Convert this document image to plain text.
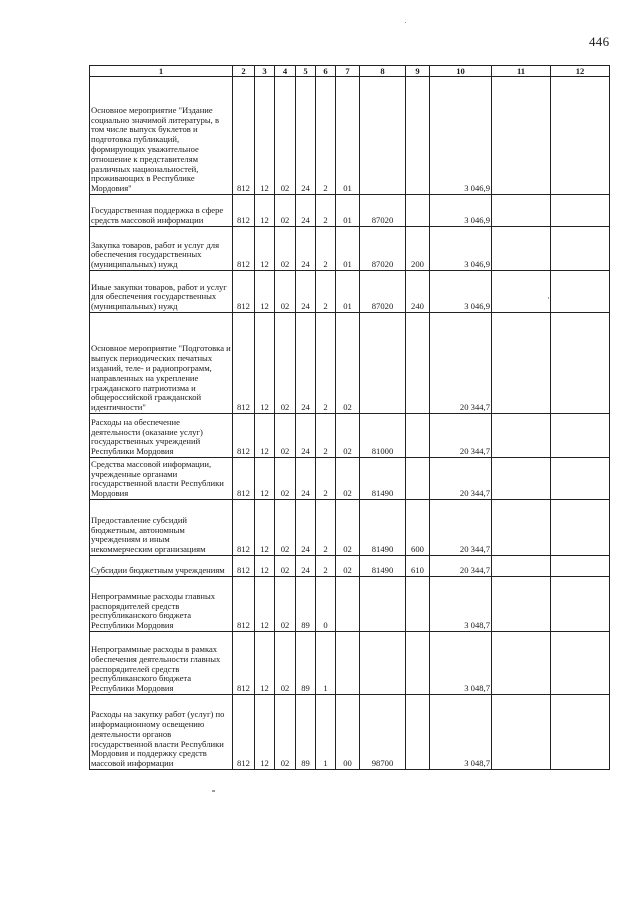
446
1	2	3	4	5	6	7	8	9	10	11	12
Основное мероприятие "Издание социально значимой литературы, в том числе выпуск буклетов и подготовка публикаций, формирующих уважительное отношение к представителям различных национальностей, проживающих в Республике Мордовия"	812	12	02	24	2	01			3 046,9		
Государственная поддержка в сфере средств массовой информации	812	12	02	24	2	01	87020		3 046,9		
Закупка товаров, работ и услуг для обеспечения государственных (муниципальных) нужд	812	12	02	24	2	01	87020	200	3 046,9		
Иные закупки товаров, работ и услуг для обеспечения государственных (муниципальных) нужд	812	12	02	24	2	01	87020	240	3 046,9		
Основное мероприятие "Подготовка и выпуск периодических печатных изданий, теле- и радиопрограмм, направленных на укрепление гражданского патриотизма и общероссийской гражданской идентичности"	812	12	02	24	2	02			20 344,7		
Расходы на обеспечение деятельности (оказание услуг) государственных учреждений Республики Мордовия	812	12	02	24	2	02	81000		20 344,7		
Средства массовой информации, учрежденные органами государственной власти Республики Мордовия	812	12	02	24	2	02	81490		20 344,7		
Предоставление субсидий бюджетным, автономным учреждениям и иным некоммерческим организациям	812	12	02	24	2	02	81490	600	20 344,7		
Субсидии бюджетным учреждениям	812	12	02	24	2	02	81490	610	20 344,7		
Непрограммные расходы главных распорядителей средств республиканского бюджета Республики Мордовия	812	12	02	89	0				3 048,7		
Непрограммные расходы в рамках обеспечения деятельности главных распорядителей средств республиканского бюджета Республики Мордовия	812	12	02	89	1				3 048,7		
Расходы на закупку работ (услуг) по информационному освещению деятельности органов государственной власти Республики Мордовия и поддержку средств массовой информации	812	12	02	89	1	00	98700		3 048,7		
